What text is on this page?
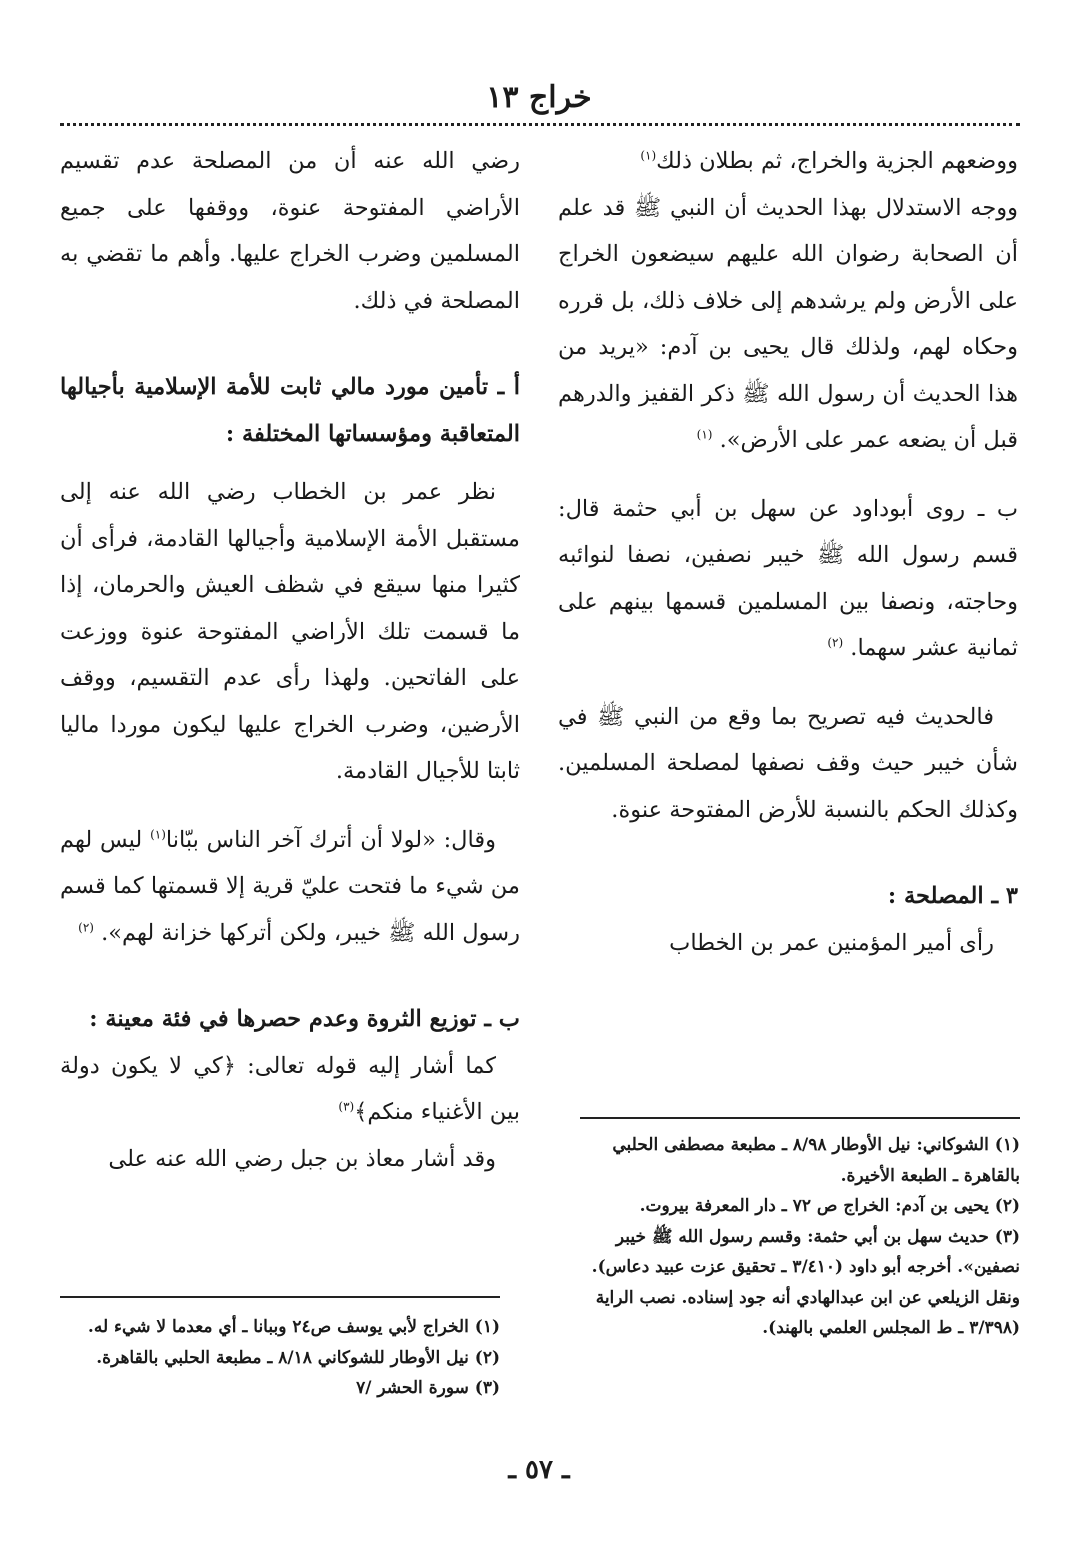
خراج ١٣

ووضعهم الجزية والخراج، ثم بطلان ذلك$^{(١)}$

ووجه الاستدلال بهذا الحديث أن النبي ﷺ قد علم أن الصحابة رضوان الله عليهم سيضعون الخراج على الأرض ولم يرشدهم إلى خلاف ذلك، بل قرره وحكاه لهم، ولذلك قال يحيى بن آدم: «يريد من هذا الحديث أن رسول الله ﷺ ذكر القفيز والدرهم قبل أن يضعه عمر على الأرض». $^{(١)}$

ب ـ روى أبوداود عن سهل بن أبي حثمة قال: قسم رسول الله ﷺ خيبر نصفين، نصفا لنوائبه وحاجته، ونصفا بين المسلمين قسمها بينهم على ثمانية عشر سهما. $^{(٢)}$

فالحديث فيه تصريح بما وقع من النبي ﷺ في شأن خيبر حيث وقف نصفها لمصلحة المسلمين. وكذلك الحكم بالنسبة للأرض المفتوحة عنوة.

٣ ـ المصلحة :

رأى أمير المؤمنين عمر بن الخطاب

رضي الله عنه أن من المصلحة عدم تقسيم الأراضي المفتوحة عنوة، ووقفها على جميع المسلمين وضرب الخراج عليها. وأهم ما تقضي به المصلحة في ذلك.

أ ـ تأمين مورد مالي ثابت للأمة الإسلامية بأجيالها المتعاقبة ومؤسساتها المختلفة :

نظر عمر بن الخطاب رضي الله عنه إلى مستقبل الأمة الإسلامية وأجيالها القادمة، فرأى أن كثيرا منها سيقع في شظف العيش والحرمان، إذا ما قسمت تلك الأراضي المفتوحة عنوة ووزعت على الفاتحين. ولهذا رأى عدم التقسيم، ووقف الأرضين، وضرب الخراج عليها ليكون موردا ماليا ثابتا للأجيال القادمة.

وقال: «لولا أن أترك آخر الناس ببّانا$^{(١)}$ ليس لهم من شيء ما فتحت عليّ قرية إلا قسمتها كما قسم رسول الله ﷺ خيبر، ولكن أتركها خزانة لهم». $^{(٢)}$

ب ـ توزيع الثروة وعدم حصرها في فئة معينة :

كما أشار إليه قوله تعالى: ﴿كي لا يكون دولة بين الأغنياء منكم﴾$^{(٣)}$

وقد أشار معاذ بن جبل رضي الله عنه على

(١) الشوكاني: نيل الأوطار ٨/٩٨ ـ مطبعة مصطفى الحلبي بالقاهرة ـ الطبعة الأخيرة.

(٢) يحيى بن آدم: الخراج ص ٧٢ ـ دار المعرفة بيروت.

(٣) حديث سهل بن أبي حثمة: وقسم رسول الله ﷺ خيبر نصفين». أخرجه أبو داود (٣/٤١٠ ـ تحقيق عزت عبيد دعاس). ونقل الزيلعي عن ابن عبدالهادي أنه جود إسناده. نصب الراية (٣/٣٩٨ ـ ط المجلس العلمي بالهند).

(١) الخراج لأبي يوسف ص٢٤ وببانا ـ أي معدما لا شيء له.

(٢) نيل الأوطار للشوكاني ٨/١٨ ـ مطبعة الحلبي بالقاهرة.

(٣) سورة الحشر /٧

ـ ٥٧ ـ
